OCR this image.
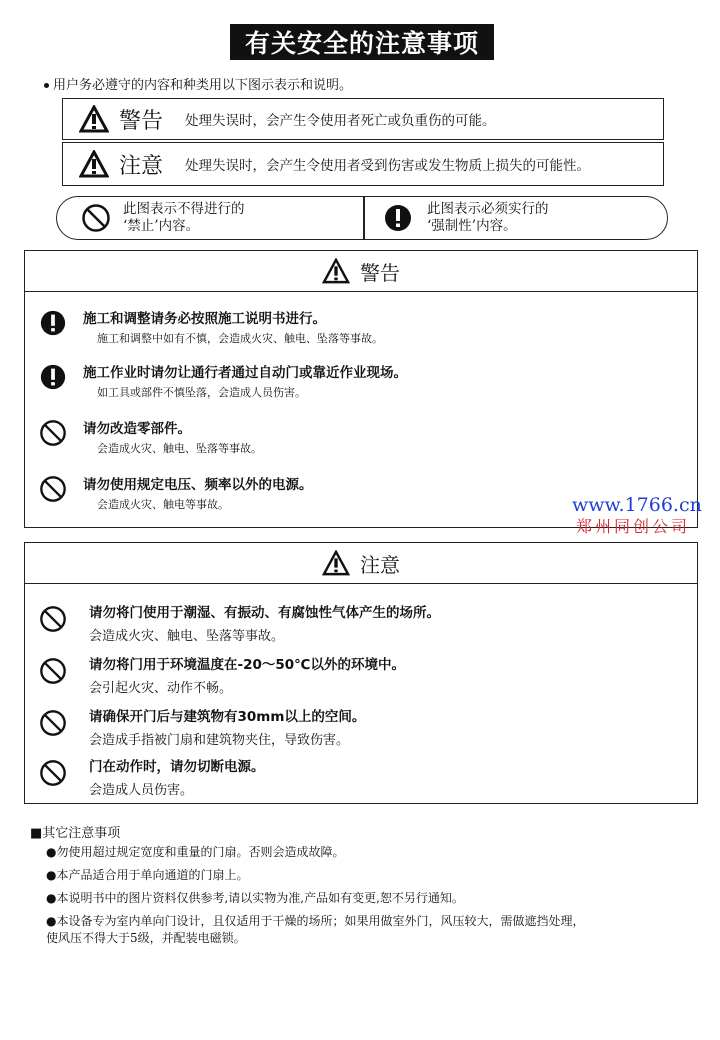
有关安全的注意事项
用户务必遵守的内容和种类用以下图示表示和说明。
警告	处理失误时，会产生令使用者死亡或负重伤的可能。
注意	处理失误时，会产生令使用者受到伤害或发生物质上损失的可能性。
此图表示不得进行的
‘禁止’内容。
此图表示必须实行的
‘强制性’内容。
警告
施工和调整请务必按照施工说明书进行。
施工和调整中如有不慎，会造成火灾、触电、坠落等事故。
施工作业时请勿让通行者通过自动门或靠近作业现场。
如工具或部件不慎坠落，会造成人员伤害。
请勿改造零部件。
会造成火灾、触电、坠落等事故。
请勿使用规定电压、频率以外的电源。
会造成火灾、触电等事故。	www.1766.cn
郑州同创公司
注意
请勿将门使用于潮湿、有振动、有腐蚀性气体产生的场所。
会造成火灾、触电、坠落等事故。
请勿将门用于环境温度在-20～50℃以外的环境中。
会引起火灾、动作不畅。
请确保开门后与建筑物有30mm以上的空间。
会造成手指被门扇和建筑物夹住，导致伤害。
门在动作时，请勿切断电源。
会造成人员伤害。
■其它注意事项
●勿使用超过规定宽度和重量的门扇。否则会造成故障。
●本产品适合用于单向通道的门扇上。
●本说明书中的图片资料仅供参考,请以实物为准,产品如有变更,恕不另行通知。
●本设备专为室内单向门设计，且仅适用于干燥的场所；如果用做室外门，风压较大，需做遮挡处理，
使风压不得大于5级，并配装电磁锁。
